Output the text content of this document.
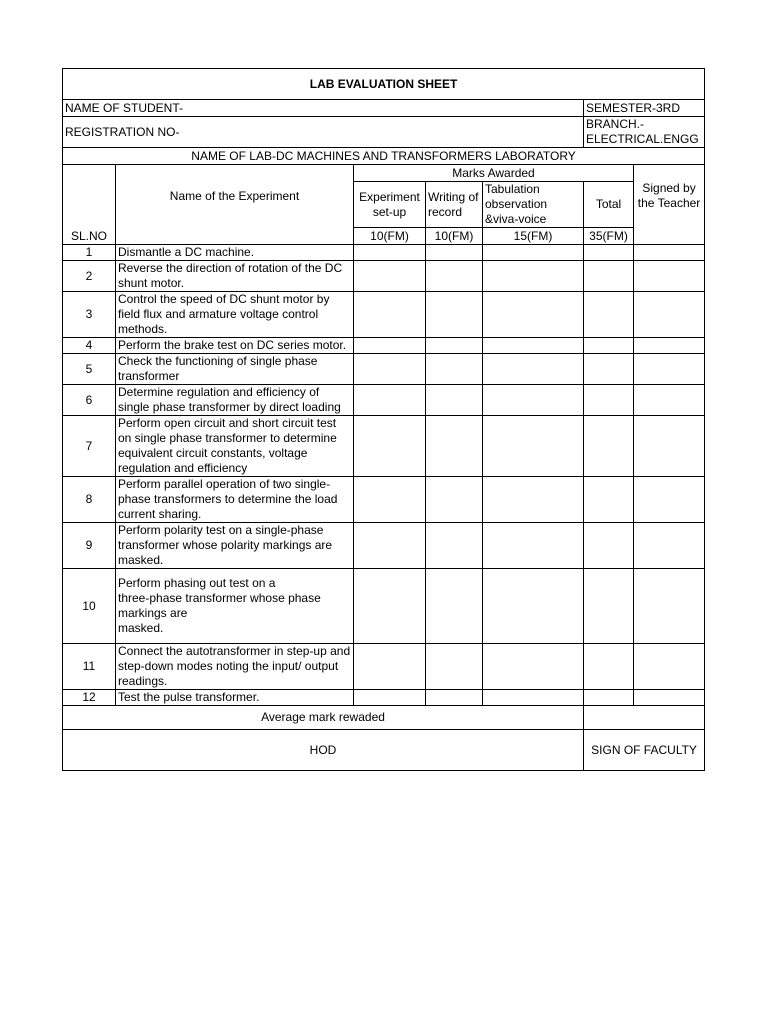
LAB EVALUATION SHEET						
NAME OF STUDENT-					SEMESTER-3RD	
REGISTRATION NO-					BRANCH.-ELECTRICAL.ENGG	
NAME OF LAB-DC MACHINES AND TRANSFORMERS LABORATORY						
SL.NO	Name of the Experiment	Marks Awarded				Signed by the Teacher
		Experiment set-up	Writing of record	Tabulation observation &viva-voice	Total	
		10(FM)	10(FM)	15(FM)	35(FM)	
1	Dismantle a DC machine.					
2	Reverse the direction of rotation of the DC shunt motor.					
3	Control the speed of DC shunt motor by field flux and armature voltage control methods.					
4	Perform the brake test on DC series motor.					
5	Check the functioning of single phase transformer					
6	Determine regulation and efficiency of single phase transformer by direct loading					
7	Perform open circuit and short circuit test on single phase transformer to determine equivalent circuit constants, voltage regulation and efficiency					
8	Perform parallel operation of two single-phase transformers to determine the load current sharing.					
9	Perform polarity test on a single-phase transformer whose polarity markings are masked.					
10	Perform phasing out test on a
three-phase transformer whose phase markings are
masked.					
11	Connect the autotransformer in step-up and step-down modes noting the input/ output readings.					
12	Test the pulse transformer.					
Average mark rewaded						
HOD					SIGN OF FACULTY	
